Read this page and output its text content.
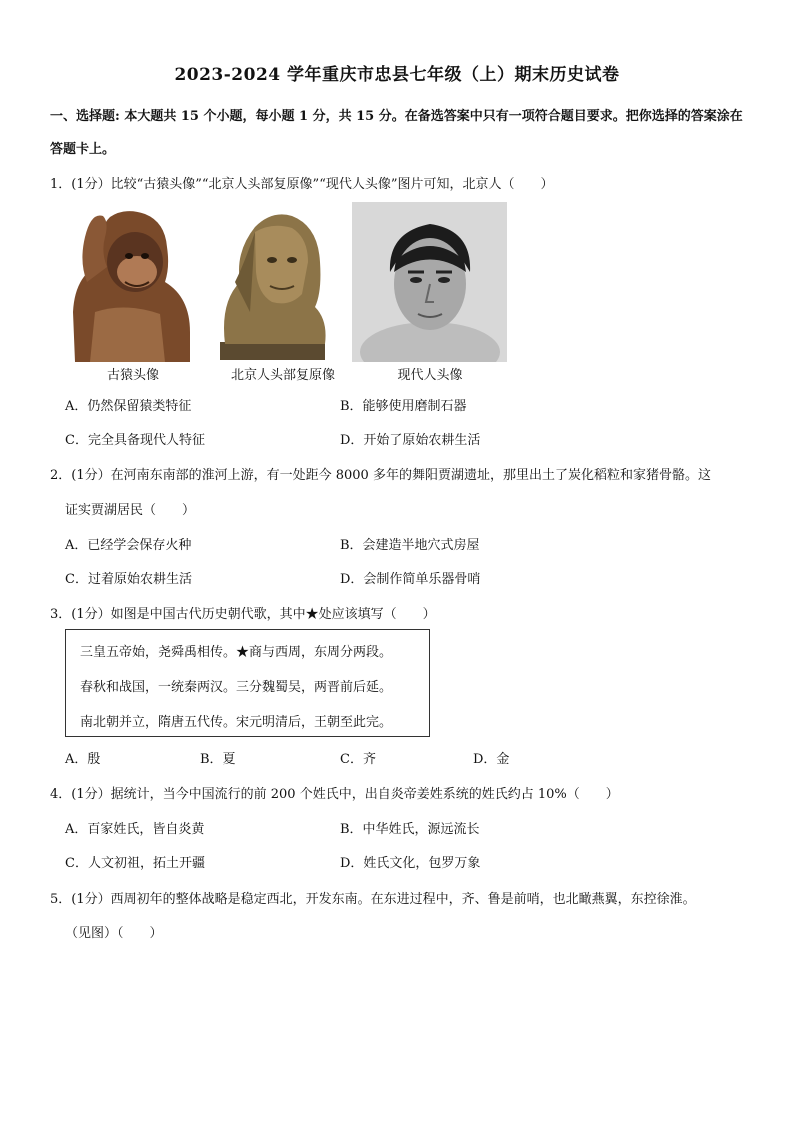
2023-2024 学年重庆市忠县七年级（上）期末历史试卷
一、选择题: 本大题共 15 个小题，每小题 1 分，共 15 分。在备选答案中只有一项符合题目要求。把你选择的答案涂在答题卡上。
1．(1分）比较“古猿头像”“北京人头部复原像”“现代人头像”图片可知，北京人（　　）
古猿头像	北京人头部复原像	现代人头像
A．仍然保留猿类特征	B．能够使用磨制石器
C．完全具备现代人特征	D．开始了原始农耕生活
2．(1分）在河南东南部的淮河上游，有一处距今 8000 多年的舞阳贾湖遗址，那里出土了炭化稻粒和家猪骨骼。这
证实贾湖居民（　　）
A．已经学会保存火种	B．会建造半地穴式房屋
C．过着原始农耕生活	D．会制作简单乐器骨哨
3．(1分）如图是中国古代历史朝代歌，其中★处应该填写（　　）
三皇五帝始，尧舜禹相传。★商与西周，东周分两段。
春秋和战国，一统秦两汉。三分魏蜀吴，两晋前后延。
南北朝并立，隋唐五代传。宋元明清后，王朝至此完。
A．殷	B．夏	C．齐	D．金
4．(1分）据统计，当今中国流行的前 200 个姓氏中，出自炎帝姜姓系统的姓氏约占 10%（　　）
A．百家姓氏，皆自炎黄	B．中华姓氏，源远流长
C．人文初祖，拓土开疆	D．姓氏文化，包罗万象
5．(1分）西周初年的整体战略是稳定西北，开发东南。在东进过程中，齐、鲁是前哨，也北瞰燕翼，东控徐淮。
（见图）（　　）
